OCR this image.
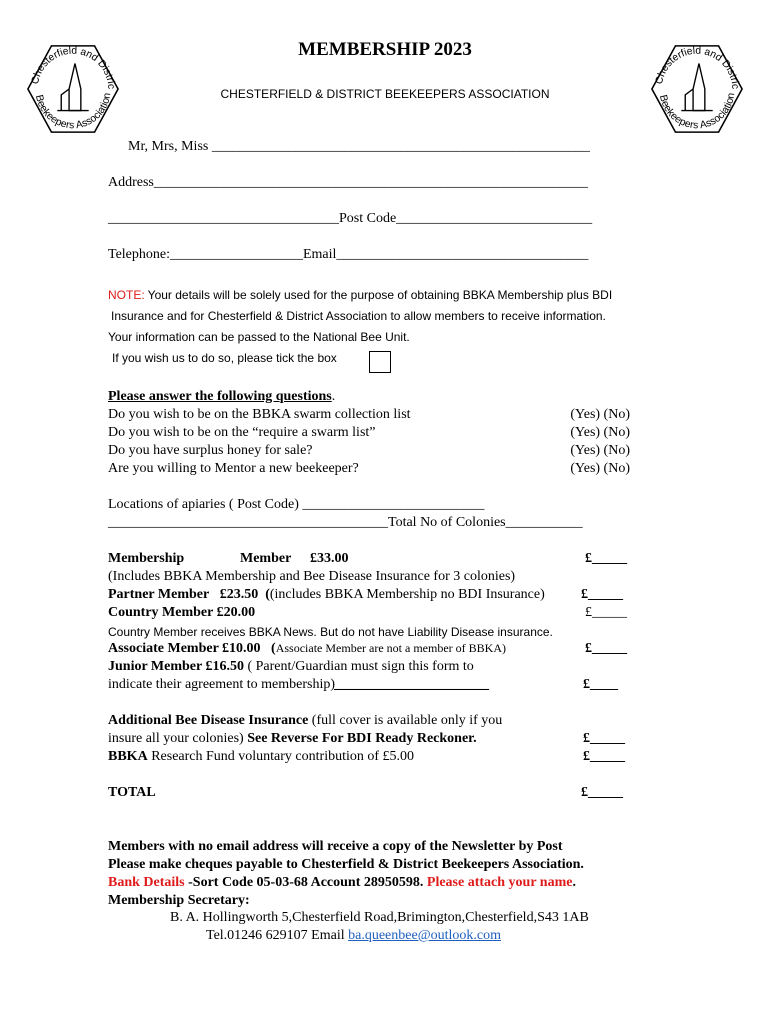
Chesterfield and Distric
Beekeepers Association
Chesterfield and Distric
Beekeepers Association
MEMBERSHIP 2023
CHESTERFIELD & DISTRICT BEEKEEPERS ASSOCIATION
Mr, Mrs, Miss ______________________________________________________
Address______________________________________________________________
_________________________________Post Code____________________________
Telephone:___________________Email____________________________________
NOTE: Your details will be solely used for the purpose of obtaining BBKA Membership plus BDI
Insurance and for Chesterfield & District Association to allow members to receive information.
Your information can be passed to the National Bee Unit.
If you wish us to do so, please tick the box
Please answer the following questions.
Do you wish to be on the BBKA swarm collection list	(Yes) (No)
Do you wish to be on the “require a swarm list”	(Yes) (No)
Do you have surplus honey for sale?	(Yes) (No)
Are you willing to Mentor a new beekeeper?	(Yes) (No)
Locations of apiaries ( Post Code) __________________________
________________________________________Total No of Colonies___________
Membership	Member £33.00	£_____
(Includes BBKA Membership and Bee Disease Insurance for 3 colonies)
Partner Member £23.50 ((includes BBKA Membership no BDI Insurance)	£_____
Country Member £20.00	£_____
Country Member receives BBKA News. But do not have Liability Disease insurance.
Associate Member £10.00 (Associate Member are not a member of BBKA)	£_____
Junior Member £16.50 ( Parent/Guardian must sign this form to
indicate their agreement to membership)______________________	£____
Additional Bee Disease Insurance (full cover is available only if you
insure all your colonies) See Reverse For BDI Ready Reckoner.	£_____
BBKA Research Fund voluntary contribution of £5.00	£_____
TOTAL	£_____
Members with no email address will receive a copy of the Newsletter by Post
Please make cheques payable to Chesterfield & District Beekeepers Association.
Bank Details -Sort Code 05-03-68 Account 28950598. Please attach your name.
Membership Secretary:
B. A. Hollingworth 5,Chesterfield Road,Brimington,Chesterfield,S43 1AB
Tel.01246 629107 Email ba.queenbee@outlook.com
